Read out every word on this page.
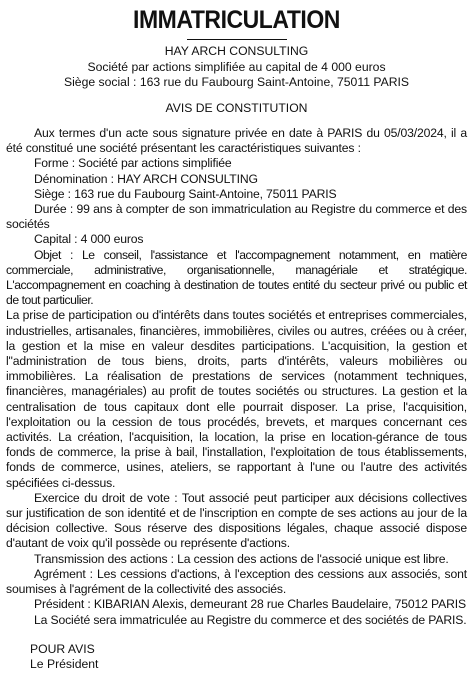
IMMATRICULATION
HAY ARCH CONSULTING
Société par actions simplifiée au capital de 4 000 euros
Siège social : 163 rue du Faubourg Saint-Antoine, 75011 PARIS
AVIS DE CONSTITUTION

Aux termes d'un acte sous signature privée en date à PARIS du 05/03/2024, il a été constitué une société présentant les caractéristiques suivantes :

Forme : Société par actions simplifiée

Dénomination : HAY ARCH CONSULTING

Siège : 163 rue du Faubourg Saint-Antoine, 75011 PARIS

Durée : 99 ans à compter de son immatriculation au Registre du commerce et des sociétés

Capital : 4 000 euros

Objet : Le conseil, l'assistance et l'accompagnement notamment, en matière commerciale, administrative, organisationnelle, managériale et stratégique. L'accompagnement en coaching à destination de toutes entité du secteur privé ou public et de tout particulier.

La prise de participation ou d'intérêts dans toutes sociétés et entreprises commerciales, industrielles, artisanales, financières, immobilières, civiles ou autres, créées ou à créer, la gestion et la mise en valeur desdites participations. L'acquisition, la gestion et l"administration de tous biens, droits, parts d'intérêts, valeurs mobilières ou immobilières. La réalisation de prestations de services (notamment techniques, financières, managériales) au profit de toutes sociétés ou structures. La gestion et la centralisation de tous capitaux dont elle pourrait disposer. La prise, l'acquisition, l'exploitation ou la cession de tous procédés, brevets, et marques concernant ces activités. La création, l'acquisition, la location, la prise en location-gérance de tous fonds de commerce, la prise à bail, l'installation, l'exploitation de tous établissements, fonds de commerce, usines, ateliers, se rapportant à l'une ou l'autre des activités spécifiées ci-dessus.

Exercice du droit de vote : Tout associé peut participer aux décisions collectives sur justification de son identité et de l'inscription en compte de ses actions au jour de la décision collective. Sous réserve des dispositions légales, chaque associé dispose d'autant de voix qu'il possède ou représente d'actions.

Transmission des actions : La cession des actions de l'associé unique est libre.

Agrément : Les cessions d'actions, à l'exception des cessions aux associés, sont soumises à l'agrément de la collectivité des associés.

Président : KIBARIAN Alexis, demeurant 28 rue Charles Baudelaire, 75012 PARIS

La Société sera immatriculée au Registre du commerce et des sociétés de PARIS.

POUR AVIS
Le Président
